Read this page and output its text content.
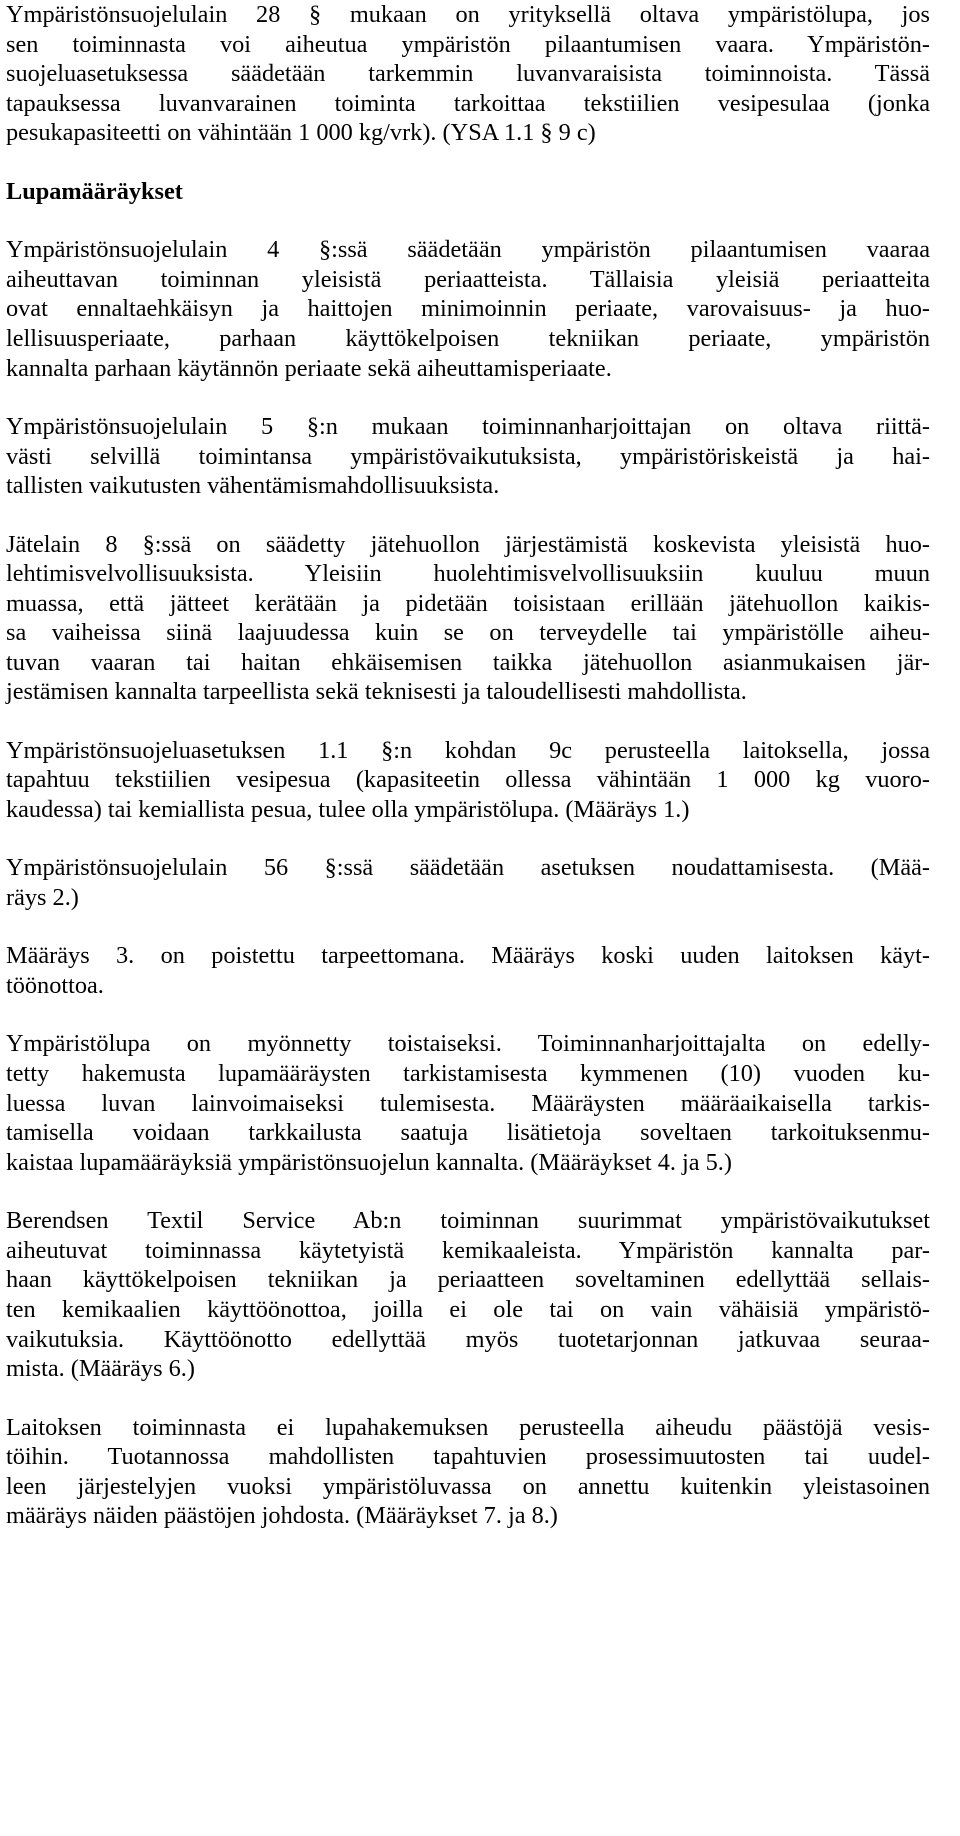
Ympäristönsuojelulain 28 § mukaan on yrityksellä oltava ympäristölupa, jos
sen toiminnasta voi aiheutua ympäristön pilaantumisen vaara. Ympäristön-
suojeluasetuksessa säädetään tarkemmin luvanvaraisista toiminnoista. Tässä
tapauksessa luvanvarainen toiminta tarkoittaa tekstiilien vesipesulaa (jonka
pesukapasiteetti on vähintään 1 000 kg/vrk). (YSA 1.1 § 9 c)

Lupamääräykset

Ympäristönsuojelulain 4 §:ssä säädetään ympäristön pilaantumisen vaaraa
aiheuttavan toiminnan yleisistä periaatteista. Tällaisia yleisiä periaatteita
ovat ennaltaehkäisyn ja haittojen minimoinnin periaate, varovaisuus- ja huo-
lellisuusperiaate, parhaan käyttökelpoisen tekniikan periaate, ympäristön
kannalta parhaan käytännön periaate sekä aiheuttamisperiaate.

Ympäristönsuojelulain 5 §:n mukaan toiminnanharjoittajan on oltava riittä-
västi selvillä toimintansa ympäristövaikutuksista, ympäristöriskeistä ja hai-
tallisten vaikutusten vähentämismahdollisuuksista.

Jätelain 8 §:ssä on säädetty jätehuollon järjestämistä koskevista yleisistä huo-
lehtimisvelvollisuuksista. Yleisiin huolehtimisvelvollisuuksiin kuuluu muun
muassa, että jätteet kerätään ja pidetään toisistaan erillään jätehuollon kaikis-
sa vaiheissa siinä laajuudessa kuin se on terveydelle tai ympäristölle aiheu-
tuvan vaaran tai haitan ehkäisemisen taikka jätehuollon asianmukaisen jär-
jestämisen kannalta tarpeellista sekä teknisesti ja taloudellisesti mahdollista.

Ympäristönsuojeluasetuksen 1.1 §:n kohdan 9c perusteella laitoksella, jossa
tapahtuu tekstiilien vesipesua (kapasiteetin ollessa vähintään 1 000 kg vuoro-
kaudessa) tai kemiallista pesua, tulee olla ympäristölupa. (Määräys 1.)

Ympäristönsuojelulain 56 §:ssä säädetään asetuksen noudattamisesta. (Mää-
räys 2.)

Määräys 3. on poistettu tarpeettomana. Määräys koski uuden laitoksen käyt-
töönottoa.

Ympäristölupa on myönnetty toistaiseksi. Toiminnanharjoittajalta on edelly-
tetty hakemusta lupamääräysten tarkistamisesta kymmenen (10) vuoden ku-
luessa luvan lainvoimaiseksi tulemisesta. Määräysten määräaikaisella tarkis-
tamisella voidaan tarkkailusta saatuja lisätietoja soveltaen tarkoituksenmu-
kaistaa lupamääräyksiä ympäristönsuojelun kannalta. (Määräykset 4. ja 5.)

Berendsen Textil Service Ab:n toiminnan suurimmat ympäristövaikutukset
aiheutuvat toiminnassa käytetyistä kemikaaleista. Ympäristön kannalta par-
haan käyttökelpoisen tekniikan ja periaatteen soveltaminen edellyttää sellais-
ten kemikaalien käyttöönottoa, joilla ei ole tai on vain vähäisiä ympäristö-
vaikutuksia. Käyttöönotto edellyttää myös tuotetarjonnan jatkuvaa seuraa-
mista. (Määräys 6.)

Laitoksen toiminnasta ei lupahakemuksen perusteella aiheudu päästöjä vesis-
töihin. Tuotannossa mahdollisten tapahtuvien prosessimuutosten tai uudel-
leen järjestelyjen vuoksi ympäristöluvassa on annettu kuitenkin yleistasoinen
määräys näiden päästöjen johdosta. (Määräykset 7. ja 8.)
